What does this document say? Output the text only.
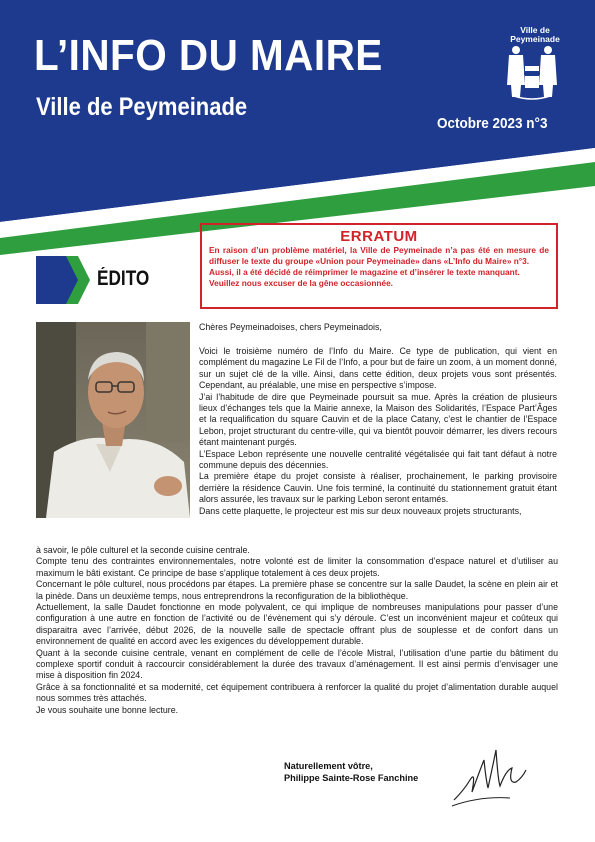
L’INFO DU MAIRE
Ville de Peymeinade
Octobre 2023 n°3
Ville de
Peymeinade
ERRATUM
En raison d’un problème matériel, la Ville de Peymeinade n’a pas été en mesure de diffuser le texte du groupe «Union pour Peymeinade» dans «L’Info du Maire» n°3.
Aussi, il a été décidé de réimprimer le magazine et d’insérer le texte manquant.
Veuillez nous excuser de la gêne occasionnée.
ÉDITO
Chères Peymeinadoises, chers Peymeinadois,

Voici le troisième numéro de l’Info du Maire. Ce type de publication, qui vient en complément du magazine Le Fil de l’Info, a pour but de faire un zoom, à un moment donné, sur un sujet clé de la ville. Ainsi, dans cette édition, deux projets vous sont présentés. Cependant, au préalable, une mise en perspective s’impose.

J’ai l’habitude de dire que Peymeinade poursuit sa mue. Après la création de plusieurs lieux d’échanges tels que la Mairie annexe, la Maison des Solidarités, l’Espace Part’Âges et la requalification du square Cauvin et de la place Catany, c’est le chantier de l’Espace Lebon, projet structurant du centre-ville, qui va bientôt pouvoir démarrer, les divers recours étant maintenant purgés.

L’Espace Lebon représente une nouvelle centralité végétalisée qui fait tant défaut à notre commune depuis des décennies.

La première étape du projet consiste à réaliser, prochainement, le parking provisoire derrière la résidence Cauvin. Une fois terminé, la continuité du stationnement gratuit étant alors assurée, les travaux sur le parking Lebon seront entamés.

Dans cette plaquette, le projecteur est mis sur deux nouveaux projets structurants,

à savoir, le pôle culturel et la seconde cuisine centrale.

Compte tenu des contraintes environnementales, notre volonté est de limiter la consommation d’espace naturel et d’utiliser au maximum le bâti existant. Ce principe de base s’applique totalement à ces deux projets.

Concernant le pôle culturel, nous procédons par étapes. La première phase se concentre sur la salle Daudet, la scène en plein air et la pinède. Dans un deuxième temps, nous entreprendrons la reconfiguration de la bibliothèque.

Actuellement, la salle Daudet fonctionne en mode polyvalent, ce qui implique de nombreuses manipulations pour passer d’une configuration à une autre en fonction de l’activité ou de l’évènement qui s’y déroule. C’est un inconvénient majeur et coûteux qui disparaitra avec l’arrivée, début 2026, de la nouvelle salle de spectacle offrant plus de souplesse et de confort dans un environnement de qualité en accord avec les exigences du développement durable.

Quant à la seconde cuisine centrale, venant en complément de celle de l’école Mistral, l’utilisation d’une partie du bâtiment du complexe sportif conduit à raccourcir considérablement la durée des travaux d’aménagement. Il est ainsi permis d’envisager une mise à disposition fin 2024.

Grâce à sa fonctionnalité et sa modernité, cet équipement contribuera à renforcer la qualité du projet d’alimentation durable auquel nous sommes très attachés.

Je vous souhaite une bonne lecture.

Naturellement vôtre,
Philippe Sainte-Rose Fanchine
